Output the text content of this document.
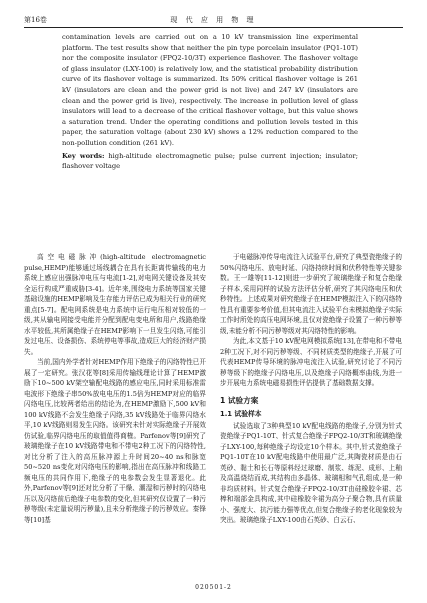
第16卷	现 代 应 用 物 理

contamination levels are carried out on a 10 kV transmission line experimental platform. The test results show that neither the pin type porcelain insulator (PQ1-10T) nor the composite insulator (FPQ2-10/3T) experience flashover. The flashover voltage of glass insulator (LXY-100) is relatively low, and the statistical probability distribution curve of its flashover voltage is summarized. Its 50% critical flashover voltage is 261 kV (insulators are clean and the power grid is not live) and 247 kV (insulators are clean and the power grid is live), respectively. The increase in pollution level of glass insulators will lead to a decrease of the critical flashover voltage, but this value shows a saturation trend. Under the operating conditions and pollution levels tested in this paper, the saturation voltage (about 230 kV) shows a 12% reduction compared to the non-pollution condition (261 kV).

Key words: high-altitude electromagnetic pulse; pulse current injection; insulator; flashover voltage

高空电磁脉冲(high-altitude electromagnetic pulse,HEMP)能够通过场线耦合在具有长距离传输线的电力系统上感应出强脉冲电压与电流[1-2],对电网关键设备及其安全运行构成严重威胁[3-4]。近年来,围绕电力系统等国家关键基础设施的HEMP影响及生存能力评估已成为相关行业的研究重点[5-7]。配电网系统是电力系统中运行电压相对较低的一级,其从输电网接受电能并分配到配电变电所和用户,线路绝缘水平较低,其所属绝缘子在HEMP影响下一旦发生闪络,可能引发过电压、设备损伤、系统停电等事故,造成巨大的经济财产损失。

当前,国内外学者针对HEMP作用下绝缘子的闪络特性已开展了一定研究。张汉花等[8]采用传输线理论计算了HEMP激励下10~500 kV架空输配电线路的感应电压,同时采用标准雷电波形下绝缘子串50%放电电压的1.5倍为HEMP对应的临界闪络电压,比较两者给出的结论为,在HEMP激励下,500 kV和100 kV线路不会发生绝缘子闪络,35 kV线路处于临界闪络水平,10 kV线路则易发生闪络。该研究未针对实际绝缘子开展效仿试验,临界闪络电压的取值值得商榷。Parfenov等[9]研究了玻璃绝缘子在10 kV线路带电和不带电2种工况下的闪络特性,对比分析了注入的高压脉冲源上升时间20~40 ns和脉宽50~520 ns变化对闪络电压的影响,指出在高压脉冲和线路工频电压的共同作用下,绝缘子的电参数会发生显著退化。此外,Parfenov等[9]还对比分析了干燥、潮湿和污秽时的闪络电压以及闪络前后绝缘子电参数的变化,但其研究仅设置了一种污秽等级(未定量说明污秽量),且未分析绝缘子的污秽效应。秦锋等[10]基

于电磁脉冲传导电流注入试验平台,研究了典型瓷绝缘子的50%闪络电压、放电时延、闪络持续时间和伏秒特性等关键参数。王一雄等[11-12]则进一步研究了玻璃绝缘子和复合绝缘子样本,采用同样的试验方法评估分析,研究了其闪络电压和伏秒特性。上述成果对研究绝缘子在HEMP模拟注入下的闪络特性具有重要参考价值,但其电流注入试验平台未模拟绝缘子实际工作时所处的高压电网环境,且仅对瓷绝缘子设置了一种污秽等级,未能分析不同污秽等级对其闪络特性的影响。

为此,本文基于10 kV配电网模拟系统[13],在带电和不带电2种工况下,对不同污秽等级、不同材质类型的绝缘子,开展了可代表HEMP传导环境的脉冲电流注入试验,研究讨论了不同污秽等级下的绝缘子闪络电压,以及绝缘子闪络概率曲线,为进一步开展电力系统电磁易损性评估提供了基础数据支撑。

1 试验方案
1.1 试验样本

试验选取了3种典型10 kV配电线路的绝缘子,分别为针式瓷绝缘子PQ1-10T、针式复合绝缘子FPQ2-10/3T和玻璃绝缘子LXY-100,每种绝缘子均设定10个样本。其中,针式瓷绝缘子PQ1-10T在10 kV配电线路中使用最广泛,其陶瓷材质是由石英砂、黏土和长石等原料经过球磨、制浆、练泥、成形、上釉及高温烧结而成,其结构由多晶体、玻璃相和气孔组成,是一种非均质材料。针式复合绝缘子FPQ2-10/3T由硅橡胶伞裙、芯棒和端部金具构成,其中硅橡胶伞裙为高分子聚合物,具有质量小、强度大、抗污能力强等优点,但复合绝缘子的老化现象较为突出。玻璃绝缘子LXY-100由石英砂、白云石、

020501-2
